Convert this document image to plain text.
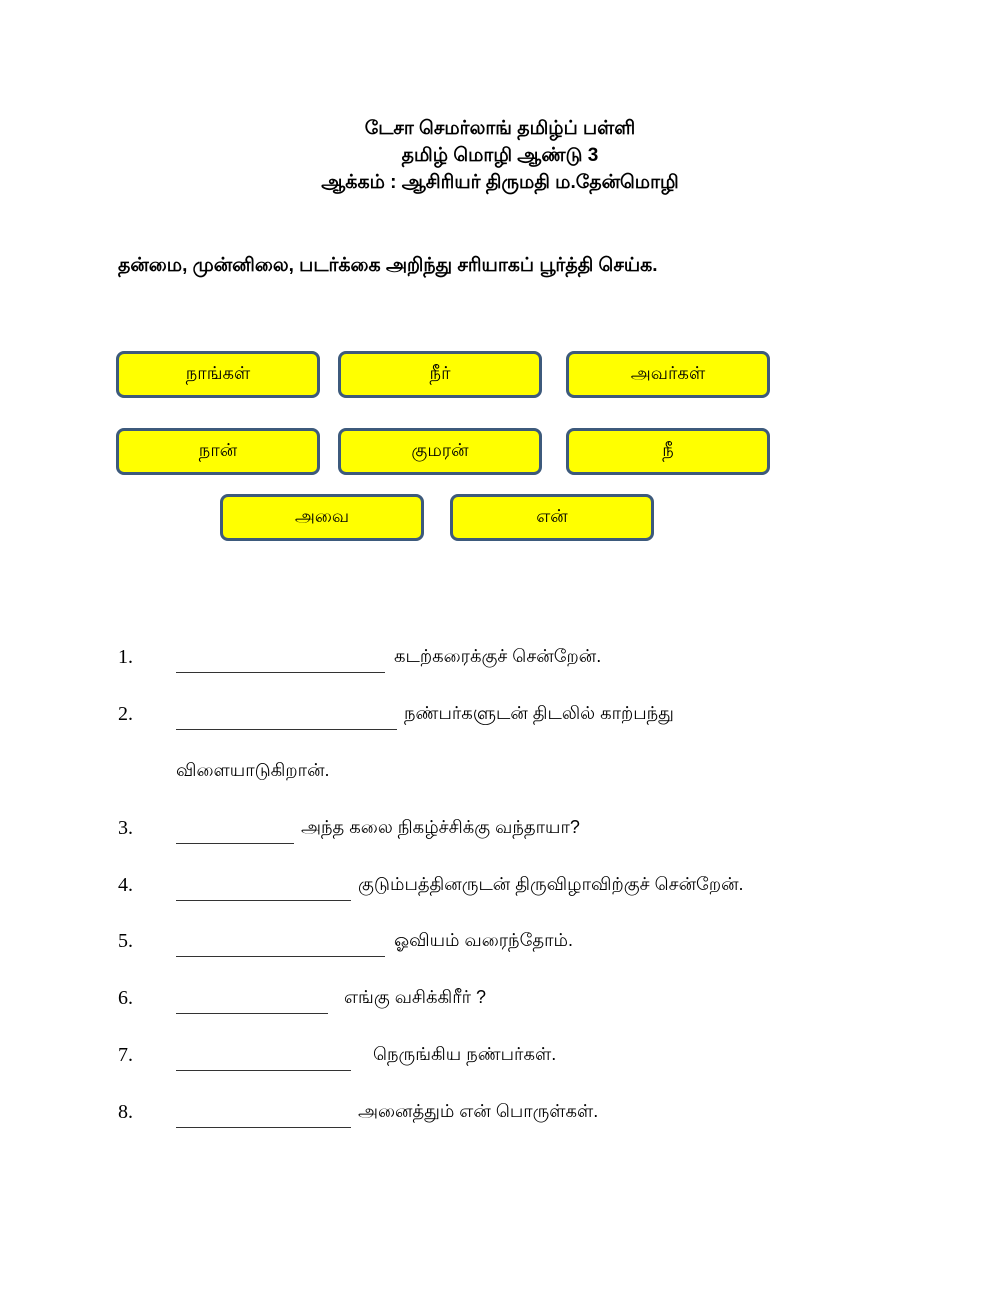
டேசா செமர்லாங் தமிழ்ப் பள்ளி
தமிழ் மொழி ஆண்டு 3
ஆக்கம் : ஆசிரியர் திருமதி ம.தேன்மொழி
தன்மை, முன்னிலை, படர்க்கை அறிந்து சரியாகப் பூர்த்தி செய்க.
நாங்கள்	நீர்	அவர்கள்
நான்	குமரன்	நீ
அவை	என்
1.	கடற்கரைக்குச் சென்றேன்.
2.	நண்பர்களுடன் திடலில் காற்பந்து
விளையாடுகிறான்.
3.	அந்த கலை நிகழ்ச்சிக்கு வந்தாயா?
4.	குடும்பத்தினருடன் திருவிழாவிற்குச் சென்றேன்.
5.	ஓவியம் வரைந்தோம்.
6.	எங்கு வசிக்கிரீர் ?
7.	நெருங்கிய நண்பர்கள்.
8.	அனைத்தும் என் பொருள்கள்.
